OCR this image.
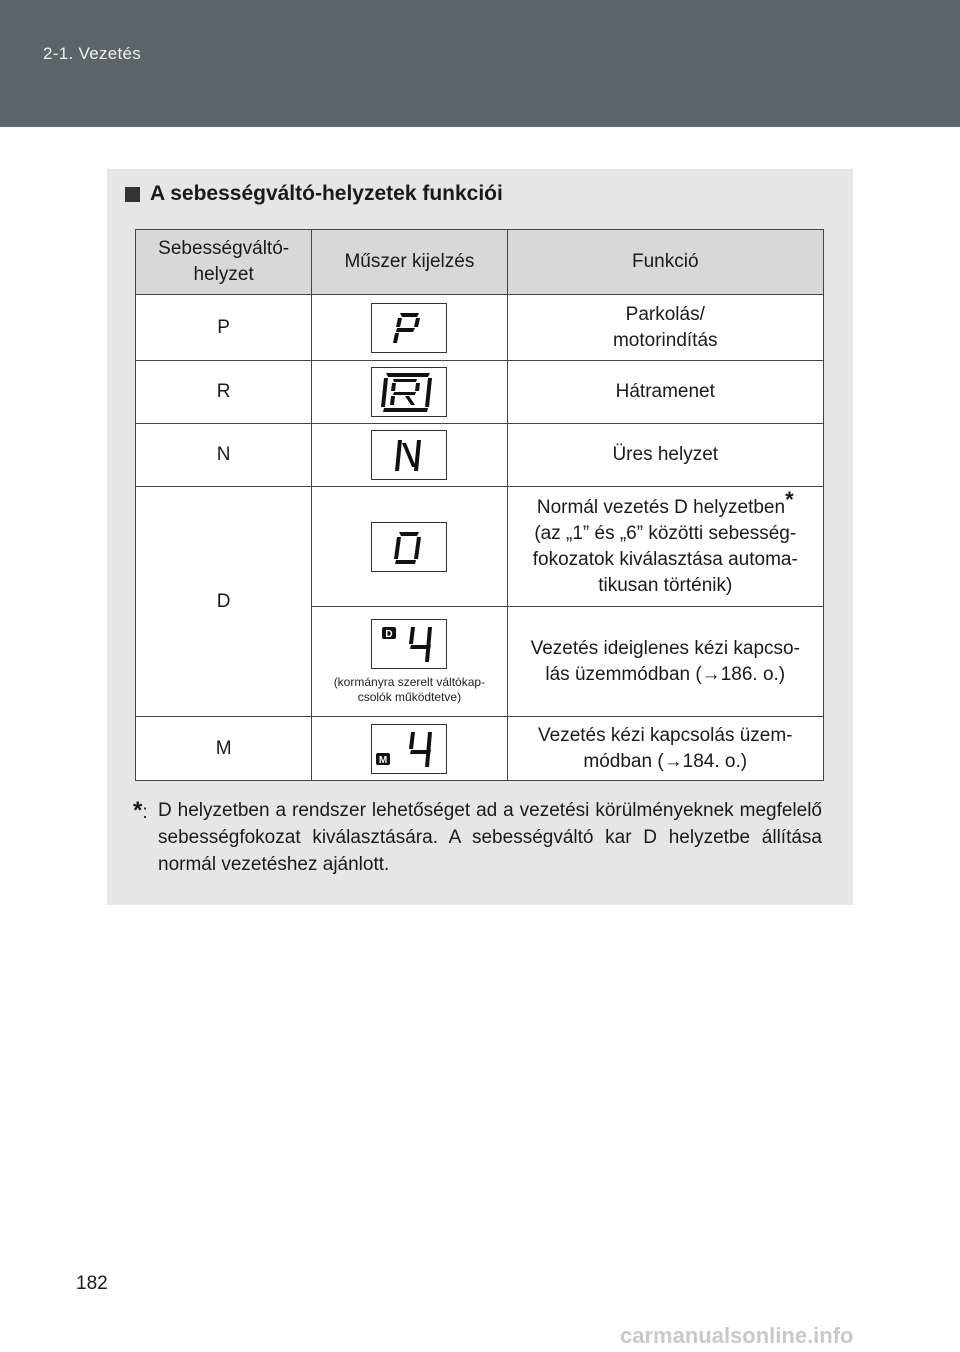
2-1. Vezetés
A sebességváltó-helyzetek funkciói
Sebességváltó-
helyzet	Műszer kijelzés	Funkció
P		Parkolás/
motorindítás
R		Hátramenet
N		Üres helyzet
D		Normál vezetés D helyzetben*
(az „1” és „6” közötti sebesség-
fokozatok kiválasztása automa-
tikusan történik)

D
(kormányra szerelt váltókap-
csolók működtetve)	Vezetés ideiglenes kézi kapcso-
lás üzemmódban (→186. o.)
M	M	Vezetés kézi kapcsolás üzem-
módban (→184. o.)
*: D helyzetben a rendszer lehetőséget ad a vezetési körülményeknek megfelelő sebességfokozat kiválasztására. A sebességváltó kar D helyzetbe állítása normál vezetéshez ajánlott.
182
carmanualsonline.info
